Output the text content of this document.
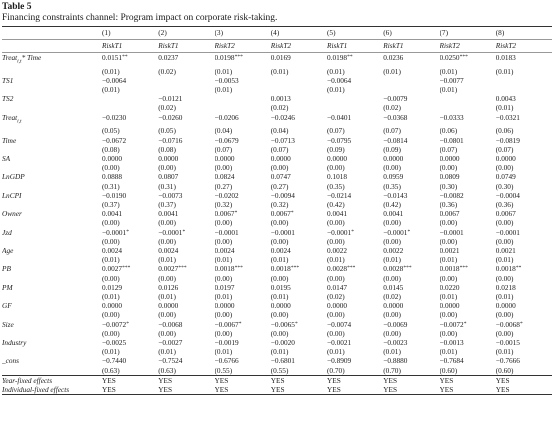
Table 5

Financing constraints channel: Program impact on corporate risk-taking.

	(1)	(2)	(3)	(4)	(5)	(6)	(7)	(8)
	RiskT1	RiskT1	RiskT2	RiskT2	RiskT1	RiskT1	RiskT2	RiskT2
Treat$_{i,t}$* Time	0.0151**	0.0237	0.0198***	0.0169	0.0198**	0.0236	0.0250***	0.0183
	(0.01)	(0.02)	(0.01)	(0.01)	(0.01)	(0.01)	(0.01)	(0.01)
TS1	−0.0064		−0.0053		−0.0064		−0.0077	
	(0.01)		(0.01)		(0.01)		(0.01)	
TS2		−0.0121		0.0013		−0.0079		0.0043
		(0.02)		(0.02)		(0.02)		(0.01)
Treat$_{i,t}$	−0.0230	−0.0260	−0.0206	−0.0246	−0.0401	−0.0368	−0.0333	−0.0321
	(0.05)	(0.05)	(0.04)	(0.04)	(0.07)	(0.07)	(0.06)	(0.06)
Time	−0.0672	−0.0716	−0.0679	−0.0713	−0.0795	−0.0814	−0.0801	−0.0819
	(0.08)	(0.08)	(0.07)	(0.07)	(0.09)	(0.09)	(0.07)	(0.07)
SA	0.0000	0.0000	0.0000	0.0000	0.0000	0.0000	0.0000	0.0000
	(0.00)	(0.00)	(0.00)	(0.00)	(0.00)	(0.00)	(0.00)	(0.00)
LnGDP	0.0888	0.0807	0.0824	0.0747	0.1018	0.0959	0.0809	0.0749
	(0.31)	(0.31)	(0.27)	(0.27)	(0.35)	(0.35)	(0.30)	(0.30)
LnCPI	−0.0190	−0.0073	−0.0202	−0.0094	−0.0214	−0.0143	−0.0082	−0.0004
	(0.37)	(0.37)	(0.32)	(0.32)	(0.42)	(0.42)	(0.36)	(0.36)
Owner	0.0041	0.0041	0.0067*	0.0067*	0.0041	0.0041	0.0067	0.0067
	(0.00)	(0.00)	(0.00)	(0.00)	(0.00)	(0.00)	(0.00)	(0.00)
Jzd	−0.0001*	−0.0001*	−0.0001	−0.0001	−0.0001*	−0.0001*	−0.0001	−0.0001
	(0.00)	(0.00)	(0.00)	(0.00)	(0.00)	(0.00)	(0.00)	(0.00)
Age	0.0024	0.0024	0.0024	0.0024	0.0022	0.0022	0.0021	0.0021
	(0.01)	(0.01)	(0.01)	(0.01)	(0.01)	(0.01)	(0.01)	(0.01)
PB	0.0027***	0.0027***	0.0018***	0.0018***	0.0028***	0.0028***	0.0018***	0.0018**
	(0.00)	(0.00)	(0.00)	(0.00)	(0.00)	(0.00)	(0.00)	(0.00)
PM	0.0129	0.0126	0.0197	0.0195	0.0147	0.0145	0.0220	0.0218
	(0.01)	(0.01)	(0.01)	(0.01)	(0.02)	(0.02)	(0.01)	(0.01)
GF	0.0000	0.0000	0.0000	0.0000	0.0000	0.0000	0.0000	0.0000
	(0.00)	(0.00)	(0.00)	(0.00)	(0.00)	(0.00)	(0.00)	(0.00)
Size	−0.0072*	−0.0068	−0.0067*	−0.0065*	−0.0074	−0.0069	−0.0072*	−0.0068*
	(0.00)	(0.00)	(0.00)	(0.00)	(0.00)	(0.00)	(0.00)	(0.00)
Industry	−0.0025	−0.0027	−0.0019	−0.0020	−0.0021	−0.0023	−0.0013	−0.0015
	(0.01)	(0.01)	(0.01)	(0.01)	(0.01)	(0.01)	(0.01)	(0.01)
_cons	−0.7440	−0.7524	−0.6766	−0.6801	−0.8909	−0.8880	−0.7684	−0.7666
	(0.63)	(0.63)	(0.55)	(0.55)	(0.70)	(0.70)	(0.60)	(0.60)
Year-fixed effects	YES	YES	YES	YES	YES	YES	YES	YES
Individual-fixed effects	YES	YES	YES	YES	YES	YES	YES	YES
